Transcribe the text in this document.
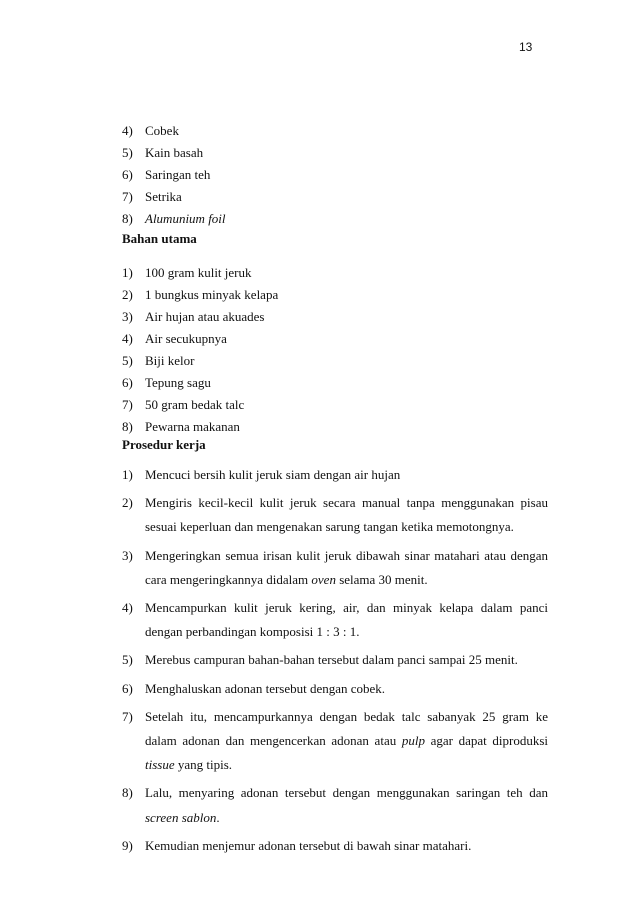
13
4) Cobek
5) Kain basah
6) Saringan teh
7) Setrika
8) Alumunium foil
Bahan utama
1) 100 gram kulit jeruk
2) 1 bungkus minyak kelapa
3) Air hujan atau akuades
4) Air secukupnya
5) Biji kelor
6) Tepung sagu
7) 50 gram bedak talc
8) Pewarna makanan
Prosedur kerja
1) Mencuci bersih kulit jeruk siam dengan air hujan
2) Mengiris kecil-kecil kulit jeruk secara manual tanpa menggunakan pisau sesuai keperluan dan mengenakan sarung tangan ketika memotongnya.
3) Mengeringkan semua irisan kulit jeruk dibawah sinar matahari atau dengan cara mengeringkannya didalam oven selama 30 menit.
4) Mencampurkan kulit jeruk kering, air, dan minyak kelapa dalam panci dengan perbandingan komposisi 1 : 3 : 1.
5) Merebus campuran bahan-bahan tersebut dalam panci sampai 25 menit.
6) Menghaluskan adonan tersebut dengan cobek.
7) Setelah itu, mencampurkannya dengan bedak talc sabanyak 25 gram ke dalam adonan dan mengencerkan adonan atau pulp agar dapat diproduksi tissue yang tipis.
8) Lalu, menyaring adonan tersebut dengan menggunakan saringan teh dan screen sablon.
9) Kemudian menjemur adonan tersebut di bawah sinar matahari.
